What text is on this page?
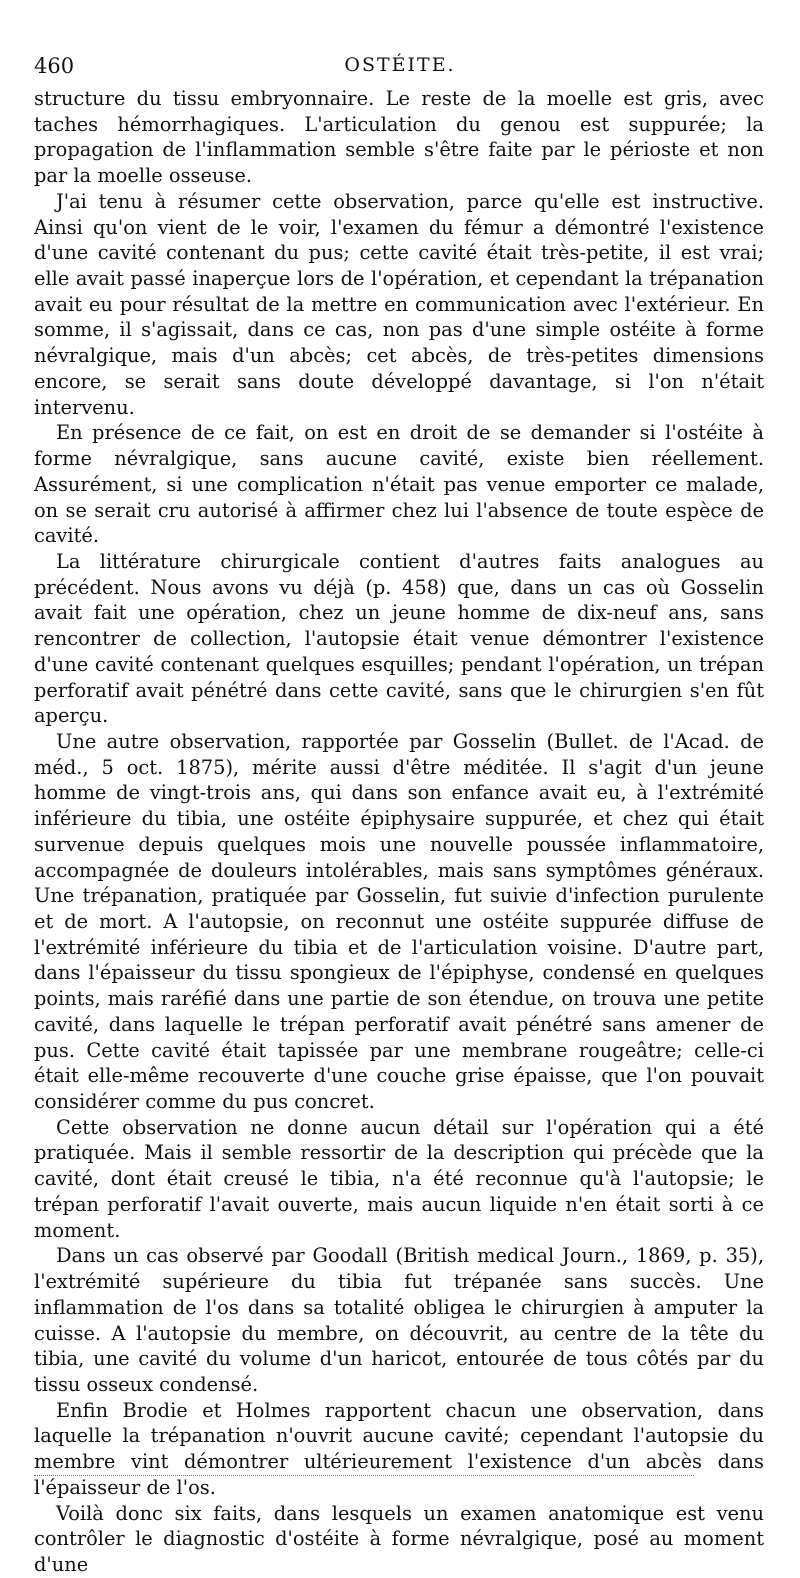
460	OSTÉITE.

structure du tissu embryonnaire. Le reste de la moelle est gris, avec taches hémorrhagiques. L'articulation du genou est suppurée; la propagation de l'inflammation semble s'être faite par le périoste et non par la moelle osseuse.

J'ai tenu à résumer cette observation, parce qu'elle est instructive. Ainsi qu'on vient de le voir, l'examen du fémur a démontré l'existence d'une cavité contenant du pus; cette cavité était très-petite, il est vrai; elle avait passé inaperçue lors de l'opération, et cependant la trépanation avait eu pour résultat de la mettre en communication avec l'extérieur. En somme, il s'agissait, dans ce cas, non pas d'une simple ostéite à forme névralgique, mais d'un abcès; cet abcès, de très-petites dimensions encore, se serait sans doute développé davantage, si l'on n'était intervenu.

En présence de ce fait, on est en droit de se demander si l'ostéite à forme névralgique, sans aucune cavité, existe bien réellement. Assurément, si une complication n'était pas venue emporter ce malade, on se serait cru autorisé à affirmer chez lui l'absence de toute espèce de cavité.

La littérature chirurgicale contient d'autres faits analogues au précédent. Nous avons vu déjà (p. 458) que, dans un cas où Gosselin avait fait une opération, chez un jeune homme de dix-neuf ans, sans rencontrer de collection, l'autopsie était venue démontrer l'existence d'une cavité contenant quelques esquilles; pendant l'opération, un trépan perforatif avait pénétré dans cette cavité, sans que le chirurgien s'en fût aperçu.

Une autre observation, rapportée par Gosselin (Bullet. de l'Acad. de méd., 5 oct. 1875), mérite aussi d'être méditée. Il s'agit d'un jeune homme de vingt-trois ans, qui dans son enfance avait eu, à l'extrémité inférieure du tibia, une ostéite épiphysaire suppurée, et chez qui était survenue depuis quelques mois une nouvelle poussée inflammatoire, accompagnée de douleurs intolérables, mais sans symptômes généraux. Une trépanation, pratiquée par Gosselin, fut suivie d'infection purulente et de mort. A l'autopsie, on reconnut une ostéite suppurée diffuse de l'extrémité inférieure du tibia et de l'articulation voisine. D'autre part, dans l'épaisseur du tissu spongieux de l'épiphyse, condensé en quelques points, mais raréfié dans une partie de son étendue, on trouva une petite cavité, dans laquelle le trépan perforatif avait pénétré sans amener de pus. Cette cavité était tapissée par une membrane rougeâtre; celle-ci était elle-même recouverte d'une couche grise épaisse, que l'on pouvait considérer comme du pus concret.

Cette observation ne donne aucun détail sur l'opération qui a été pratiquée. Mais il semble ressortir de la description qui précède que la cavité, dont était creusé le tibia, n'a été reconnue qu'à l'autopsie; le trépan perforatif l'avait ouverte, mais aucun liquide n'en était sorti à ce moment.

Dans un cas observé par Goodall (British medical Journ., 1869, p. 35), l'extrémité supérieure du tibia fut trépanée sans succès. Une inflammation de l'os dans sa totalité obligea le chirurgien à amputer la cuisse. A l'autopsie du membre, on découvrit, au centre de la tête du tibia, une cavité du volume d'un haricot, entourée de tous côtés par du tissu osseux condensé.

Enfin Brodie et Holmes rapportent chacun une observation, dans laquelle la trépanation n'ouvrit aucune cavité; cependant l'autopsie du membre vint démontrer ultérieurement l'existence d'un abcès dans l'épaisseur de l'os.

Voilà donc six faits, dans lesquels un examen anatomique est venu contrôler le diagnostic d'ostéite à forme névralgique, posé au moment d'une
